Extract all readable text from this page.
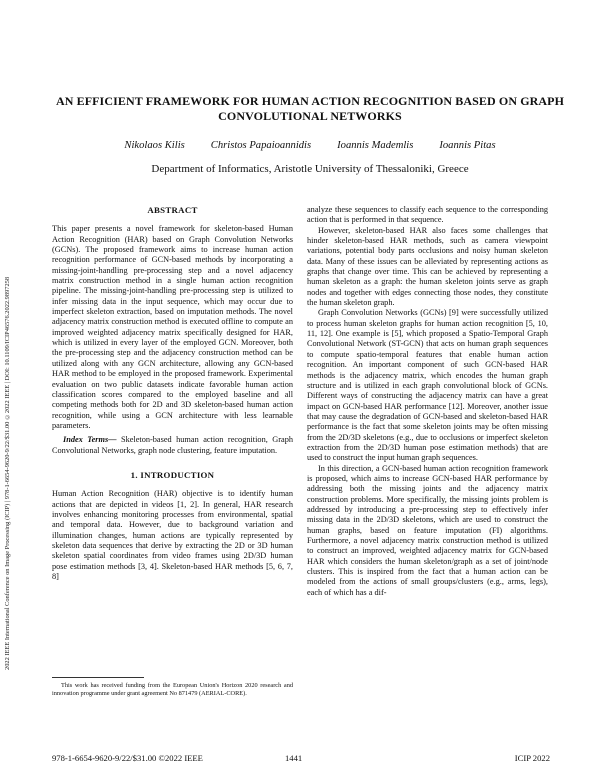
2022 IEEE International Conference on Image Processing (ICIP) | 978-1-6654-9620-9/22/$31.00 ©2022 IEEE | DOI: 10.1109/ICIP46576.2022.9897258
AN EFFICIENT FRAMEWORK FOR HUMAN ACTION RECOGNITION BASED ON GRAPH
CONVOLUTIONAL NETWORKS
Nikolaos Kilis Christos Papaioannidis Ioannis Mademlis Ioannis Pitas
Department of Informatics, Aristotle University of Thessaloniki, Greece
ABSTRACT

This paper presents a novel framework for skeleton-based Human Action Recognition (HAR) based on Graph Convolution Networks (GCNs). The proposed framework aims to increase human action recognition performance of GCN-based methods by incorporating a missing-joint-handling pre-processing step and a novel adjacency matrix construction method in a single human action recognition pipeline. The missing-joint-handling pre-processing step is utilized to infer missing data in the input sequence, which may occur due to imperfect skeleton extraction, based on imputation methods. The novel adjacency matrix construction method is executed offline to compute an improved weighted adjacency matrix specifically designed for HAR, which is utilized in every layer of the employed GCN. Moreover, both the pre-processing step and the adjacency construction method can be utilized along with any GCN architecture, allowing any GCN-based HAR method to be employed in the proposed framework. Experimental evaluation on two public datasets indicate favorable human action classification scores compared to the employed baseline and all competing methods both for 2D and 3D skeleton-based human action recognition, while using a GCN architecture with less learnable parameters.

Index Terms— Skeleton-based human action recognition, Graph Convolutional Networks, graph node clustering, feature imputation.

1. INTRODUCTION

Human Action Recognition (HAR) objective is to identify human actions that are depicted in videos [1, 2]. In general, HAR research involves enhancing monitoring processes from environmental, spatial and temporal data. However, due to background variation and illumination changes, human actions are typically represented by skeleton data sequences that derive by extracting the 2D or 3D human skeleton spatial coordinates from video frames using 2D/3D human pose estimation methods [3, 4]. Skeleton-based HAR methods [5, 6, 7, 8]

This work has received funding from the European Union's Horizon 2020 research and innovation programme under grant agreement No 871479 (AERIAL-CORE).

analyze these sequences to classify each sequence to the corresponding action that is performed in that sequence.

However, skeleton-based HAR also faces some challenges that hinder skeleton-based HAR methods, such as camera viewpoint variations, potential body parts occlusions and noisy human skeleton data. Many of these issues can be alleviated by representing actions as graphs that change over time. This can be achieved by representing a human skeleton as a graph: the human skeleton joints serve as graph nodes and together with edges connecting those nodes, they constitute the human skeleton graph.

Graph Convolution Networks (GCNs) [9] were successfully utilized to process human skeleton graphs for human action recognition [5, 10, 11, 12]. One example is [5], which proposed a Spatio-Temporal Graph Convolutional Network (ST-GCN) that acts on human graph sequences to compute spatio-temporal features that enable human action recognition. An important component of such GCN-based HAR methods is the adjacency matrix, which encodes the human graph structure and is utilized in each graph convolutional block of GCNs. Different ways of constructing the adjacency matrix can have a great impact on GCN-based HAR performance [12]. Moreover, another issue that may cause the degradation of GCN-based and skeleton-based HAR performance is the fact that some skeleton joints may be often missing from the 2D/3D skeletons (e.g., due to occlusions or imperfect skeleton extraction from the 2D/3D human pose estimation methods) that are used to construct the input human graph sequences.

In this direction, a GCN-based human action recognition framework is proposed, which aims to increase GCN-based HAR performance by addressing both the missing joints and the adjacency matrix construction problems. More specifically, the missing joints problem is addressed by introducing a pre-processing step to effectively infer missing data in the 2D/3D skeletons, which are used to construct the human graphs, based on feature imputation (FI) algorithms. Furthermore, a novel adjacency matrix construction method is utilized to construct an improved, weighted adjacency matrix for GCN-based HAR which considers the human skeleton/graph as a set of joint/node clusters. This is inspired from the fact that a human action can be modeled from the actions of small groups/clusters (e.g., arms, legs), each of which has a dif-

978-1-6654-9620-9/22/$31.00 ©2022 IEEE	1441	ICIP 2022
